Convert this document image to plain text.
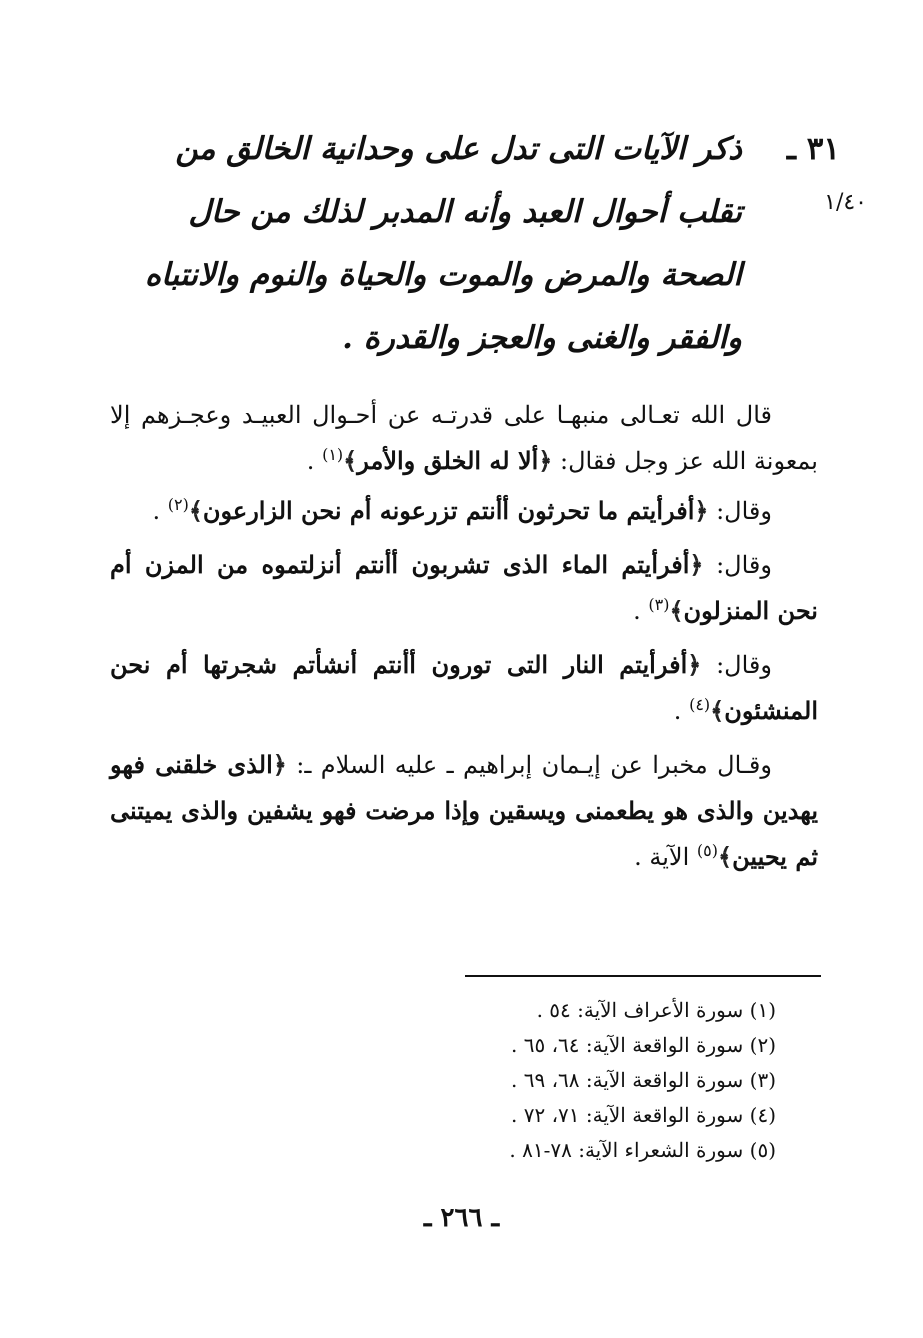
٣١ ـ
ذكر الآيات التى تدل على وحدانية الخالق من تقلب أحوال العبد وأنه المدبر لذلك من حال الصحة والمرض والموت والحياة والنوم والانتباه والفقر والغنى والعجز والقدرة .
١/٤٠

قال الله تعـالى منبهـا على قدرتـه عن أحـوال العبيـد وعجـزهم إلا بمعونة الله عز وجل فقال: ﴿ألا له الخلق والأمر﴾$^{(١)}$ .

وقال: ﴿أفرأيتم ما تحرثون أأنتم تزرعونه أم نحن الزارعون﴾$^{(٢)}$ .

وقال: ﴿أفرأيتم الماء الذى تشربون أأنتم أنزلتموه من المزن أم نحن المنزلون﴾$^{(٣)}$ .

وقال: ﴿أفرأيتم النار التى تورون أأنتم أنشأتم شجرتها أم نحن المنشئون﴾$^{(٤)}$ .

وقـال مخبرا عن إيـمان إبراهيم ـ عليه السلام ـ: ﴿الذى خلقنى فهو يهدين والذى هو يطعمنى ويسقين وإذا مرضت فهو يشفين والذى يميتنى ثم يحيين﴾$^{(٥)}$ الآية .

(١) سورة الأعراف الآية: ٥٤ .
(٢) سورة الواقعة الآية: ٦٤، ٦٥ .
(٣) سورة الواقعة الآية: ٦٨، ٦٩ .
(٤) سورة الواقعة الآية: ٧١، ٧٢ .
(٥) سورة الشعراء الآية: ٧٨-٨١ .
ـ ٢٦٦ ـ
